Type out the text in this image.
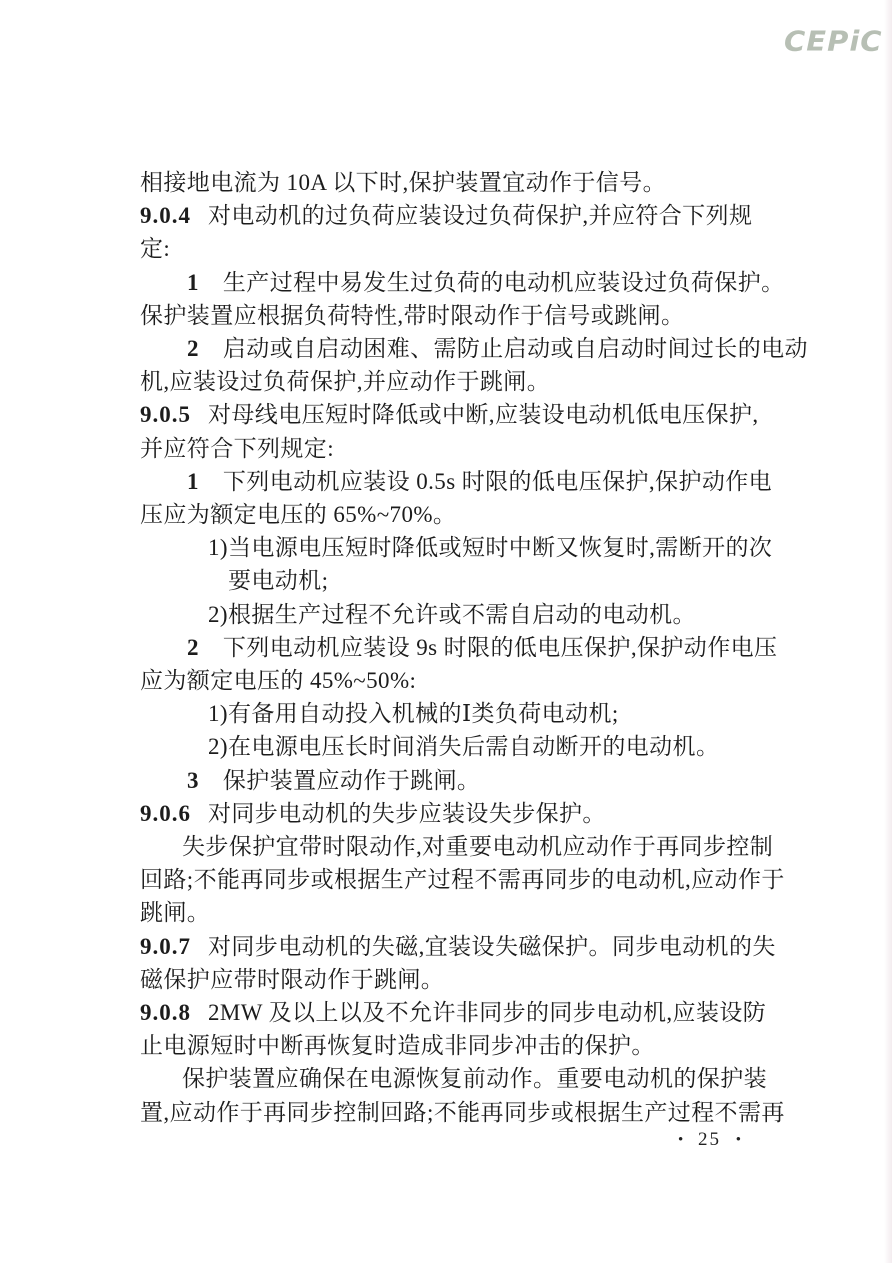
CEPiC
相接地电流为 10A 以下时,保护装置宜动作于信号。
9.0.4 对电动机的过负荷应装设过负荷保护,并应符合下列规
定:
1 生产过程中易发生过负荷的电动机应装设过负荷保护。
保护装置应根据负荷特性,带时限动作于信号或跳闸。
2 启动或自启动困难、需防止启动或自启动时间过长的电动
机,应装设过负荷保护,并应动作于跳闸。
9.0.5 对母线电压短时降低或中断,应装设电动机低电压保护,
并应符合下列规定:
1 下列电动机应装设 0.5s 时限的低电压保护,保护动作电
压应为额定电压的 65%~70%。
1)当电源电压短时降低或短时中断又恢复时,需断开的次
要电动机;
2)根据生产过程不允许或不需自启动的电动机。
2 下列电动机应装设 9s 时限的低电压保护,保护动作电压
应为额定电压的 45%~50%:
1)有备用自动投入机械的Ⅰ类负荷电动机;
2)在电源电压长时间消失后需自动断开的电动机。
3 保护装置应动作于跳闸。
9.0.6 对同步电动机的失步应装设失步保护。
失步保护宜带时限动作,对重要电动机应动作于再同步控制
回路;不能再同步或根据生产过程不需再同步的电动机,应动作于
跳闸。
9.0.7 对同步电动机的失磁,宜装设失磁保护。同步电动机的失
磁保护应带时限动作于跳闸。
9.0.8 2MW 及以上以及不允许非同步的同步电动机,应装设防
止电源短时中断再恢复时造成非同步冲击的保护。
保护装置应确保在电源恢复前动作。重要电动机的保护装
置,应动作于再同步控制回路;不能再同步或根据生产过程不需再
• 25 •
